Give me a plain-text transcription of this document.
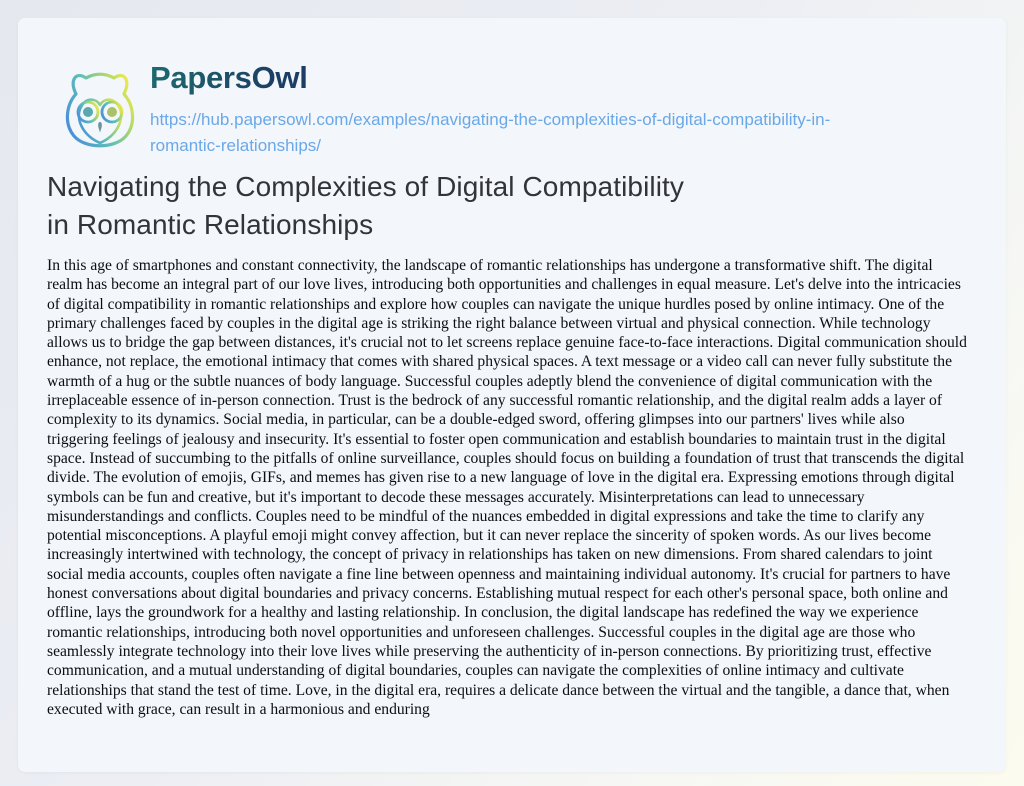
PapersOwl
https://hub.papersowl.com/examples/navigating-the-complexities-of-digital-compatibility-in-
romantic-relationships/
Navigating the Complexities of Digital Compatibility
in Romantic Relationships

In this age of smartphones and constant connectivity, the landscape of romantic relationships has undergone a transformative shift. The digital realm has become an integral part of our love lives, introducing both opportunities and challenges in equal measure. Let's delve into the intricacies of digital compatibility in romantic relationships and explore how couples can navigate the unique hurdles posed by online intimacy. One of the primary challenges faced by couples in the digital age is striking the right balance between virtual and physical connection. While technology allows us to bridge the gap between distances, it's crucial not to let screens replace genuine face-to-face interactions. Digital communication should enhance, not replace, the emotional intimacy that comes with shared physical spaces. A text message or a video call can never fully substitute the warmth of a hug or the subtle nuances of body language. Successful couples adeptly blend the convenience of digital communication with the irreplaceable essence of in-person connection. Trust is the bedrock of any successful romantic relationship, and the digital realm adds a layer of complexity to its dynamics. Social media, in particular, can be a double-edged sword, offering glimpses into our partners' lives while also triggering feelings of jealousy and insecurity. It's essential to foster open communication and establish boundaries to maintain trust in the digital space. Instead of succumbing to the pitfalls of online surveillance, couples should focus on building a foundation of trust that transcends the digital divide. The evolution of emojis, GIFs, and memes has given rise to a new language of love in the digital era. Expressing emotions through digital symbols can be fun and creative, but it's important to decode these messages accurately. Misinterpretations can lead to unnecessary misunderstandings and conflicts. Couples need to be mindful of the nuances embedded in digital expressions and take the time to clarify any potential misconceptions. A playful emoji might convey affection, but it can never replace the sincerity of spoken words. As our lives become increasingly intertwined with technology, the concept of privacy in relationships has taken on new dimensions. From shared calendars to joint social media accounts, couples often navigate a fine line between openness and maintaining individual autonomy. It's crucial for partners to have honest conversations about digital boundaries and privacy concerns. Establishing mutual respect for each other's personal space, both online and offline, lays the groundwork for a healthy and lasting relationship. In conclusion, the digital landscape has redefined the way we experience romantic relationships, introducing both novel opportunities and unforeseen challenges. Successful couples in the digital age are those who seamlessly integrate technology into their love lives while preserving the authenticity of in-person connections. By prioritizing trust, effective communication, and a mutual understanding of digital boundaries, couples can navigate the complexities of online intimacy and cultivate relationships that stand the test of time. Love, in the digital era, requires a delicate dance between the virtual and the tangible, a dance that, when executed with grace, can result in a harmonious and enduring
